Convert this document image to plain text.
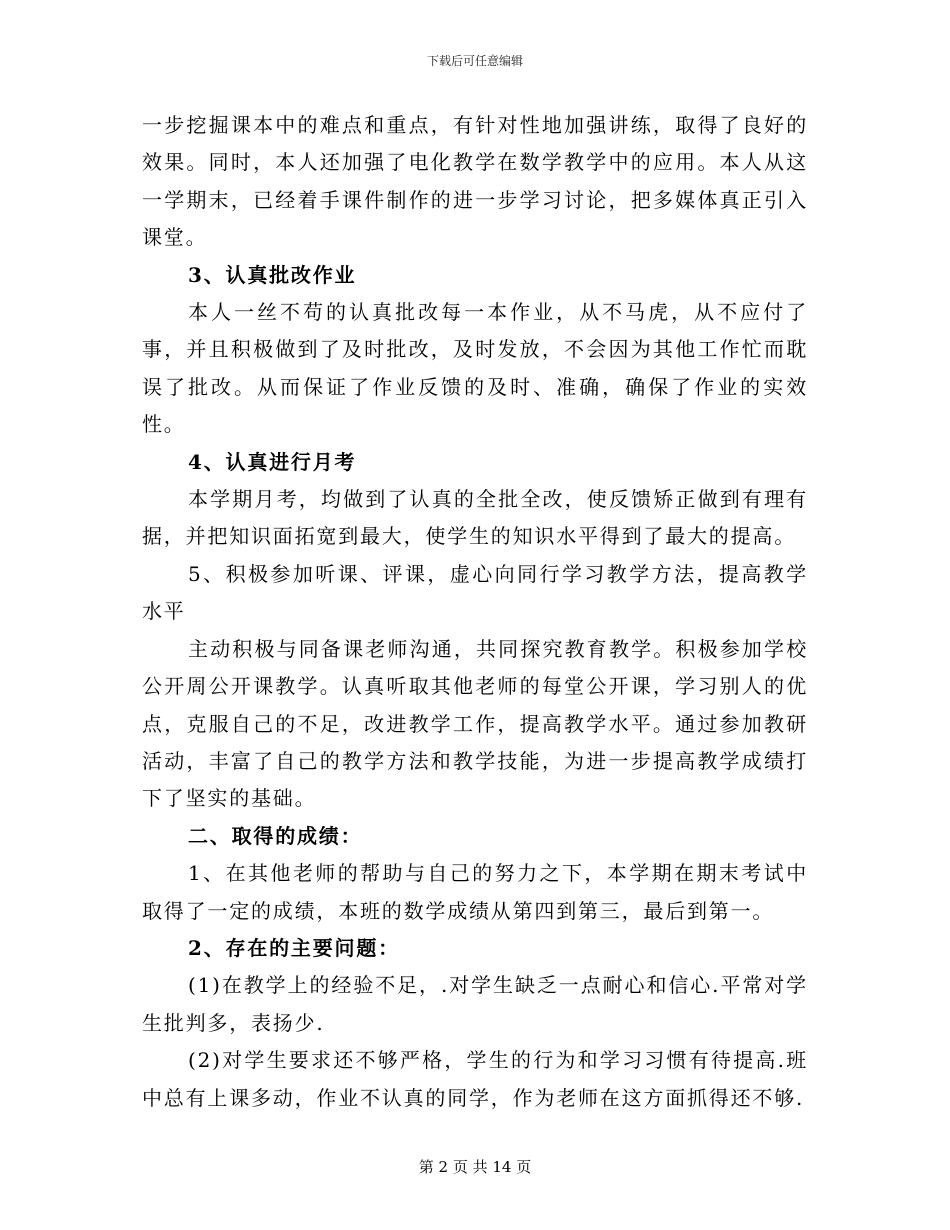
下载后可任意编辑

一步挖掘课本中的难点和重点，有针对性地加强讲练，取得了良好的效果。同时，本人还加强了电化教学在数学教学中的应用。本人从这一学期末，已经着手课件制作的进一步学习讨论，把多媒体真正引入课堂。

3、认真批改作业

本人一丝不苟的认真批改每一本作业，从不马虎，从不应付了事，并且积极做到了及时批改，及时发放，不会因为其他工作忙而耽误了批改。从而保证了作业反馈的及时、准确，确保了作业的实效性。

4、认真进行月考

本学期月考，均做到了认真的全批全改，使反馈矫正做到有理有据，并把知识面拓宽到最大，使学生的知识水平得到了最大的提高。

5、积极参加听课、评课，虚心向同行学习教学方法，提高教学水平

主动积极与同备课老师沟通，共同探究教育教学。积极参加学校公开周公开课教学。认真听取其他老师的每堂公开课，学习别人的优点，克服自己的不足，改进教学工作，提高教学水平。通过参加教研活动，丰富了自己的教学方法和教学技能，为进一步提高教学成绩打下了坚实的基础。

二、取得的成绩：

1、在其他老师的帮助与自己的努力之下，本学期在期末考试中取得了一定的成绩，本班的数学成绩从第四到第三，最后到第一。

2、存在的主要问题：

(1)在教学上的经验不足，.对学生缺乏一点耐心和信心.平常对学生批判多，表扬少.

(2)对学生要求还不够严格，学生的行为和学习习惯有待提高.班中总有上课多动，作业不认真的同学，作为老师在这方面抓得还不够.

第 2 页 共 14 页
